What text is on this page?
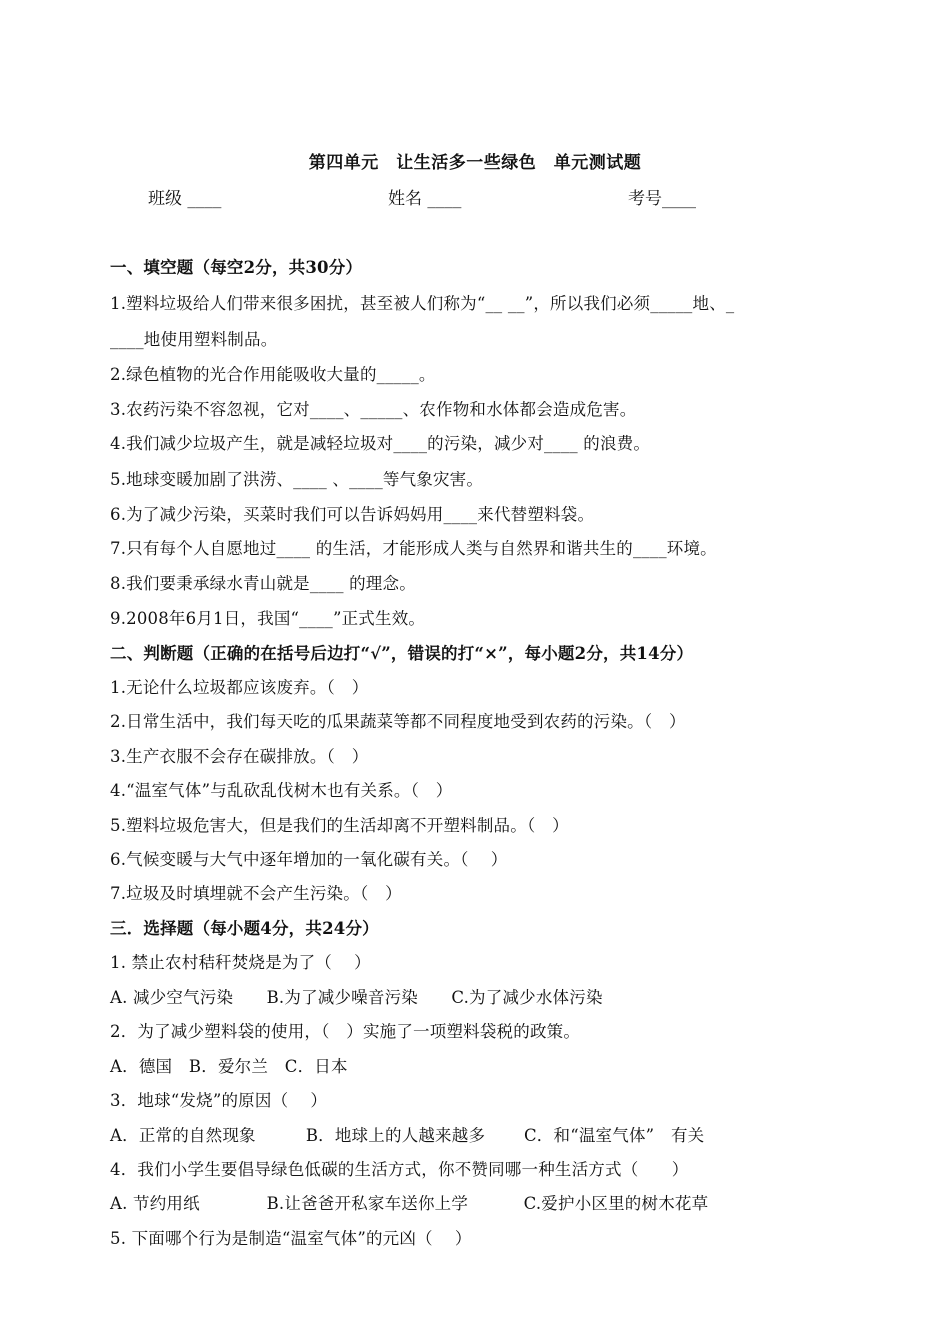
第四单元　让生活多一些绿色　单元测试题
班级 ____	姓名 ____	考号____
一、填空题（每空2分，共30分）
1.塑料垃圾给人们带来很多困扰，甚至被人们称为“__ __”，所以我们必须_____地、_
____地使用塑料制品。
2.绿色植物的光合作用能吸收大量的_____。
3.农药污染不容忽视，它对____、_____、农作物和水体都会造成危害。
4.我们减少垃圾产生，就是减轻垃圾对____的污染，减少对____ 的浪费。
5.地球变暖加剧了洪涝、____ 、____等气象灾害。
6.为了减少污染，买菜时我们可以告诉妈妈用____来代替塑料袋。
7.只有每个人自愿地过____ 的生活，才能形成人类与自然界和谐共生的____环境。
8.我们要秉承绿水青山就是____ 的理念。
9.2008年6月1日，我国“____”正式生效。
二、判断题（正确的在括号后边打“√”，错误的打“×”，每小题2分，共14分）
1.无论什么垃圾都应该废弃。（　）
2.日常生活中，我们每天吃的瓜果蔬菜等都不同程度地受到农药的污染。（　）
3.生产衣服不会存在碳排放。（　）
4.“温室气体”与乱砍乱伐树木也有关系。（　）
5.塑料垃圾危害大，但是我们的生活却离不开塑料制品。（　）
6.气候变暖与大气中逐年增加的一氧化碳有关。（　 ）
7.垃圾及时填埋就不会产生污染。（　）
三．选择题（每小题4分，共24分）
1. 禁止农村秸秆焚烧是为了（　 ）
A. 减少空气污染　　B.为了减少噪音污染　　C.为了减少水体污染
2．为了减少塑料袋的使用，（　）实施了一项塑料袋税的政策。
A．德国　B．爱尔兰　C．日本
3．地球“发烧”的原因（　 ）
A．正常的自然现象　　　B．地球上的人越来越多　　 C．和“温室气体”　有关
4．我们小学生要倡导绿色低碳的生活方式，你不赞同哪一种生活方式（　　）
A. 节约用纸　　　　B.让爸爸开私家车送你上学　　　 C.爱护小区里的树木花草
5. 下面哪个行为是制造“温室气体”的元凶（　 ）
